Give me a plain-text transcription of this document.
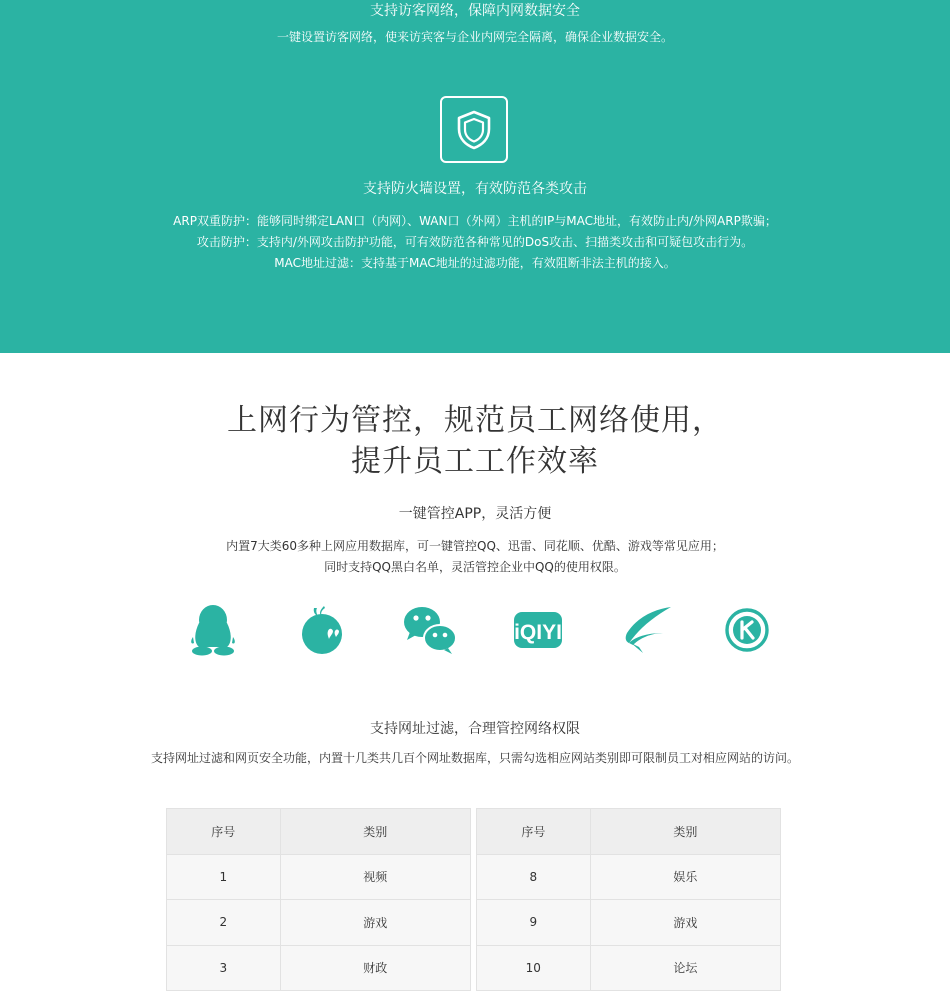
支持访客网络，保障内网数据安全
一键设置访客网络，使来访宾客与企业内网完全隔离，确保企业数据安全。
支持防火墙设置，有效防范各类攻击
ARP双重防护：能够同时绑定LAN口（内网）、WAN口（外网）主机的IP与MAC地址，有效防止内/外网ARP欺骗；
攻击防护：支持内/外网攻击防护功能，可有效防范各种常见的DoS攻击、扫描类攻击和可疑包攻击行为。
MAC地址过滤：支持基于MAC地址的过滤功能，有效阻断非法主机的接入。
上网行为管控，规范员工网络使用，
提升员工工作效率
一键管控APP，灵活方便
内置7大类60多种上网应用数据库，可一键管控QQ、迅雷、同花顺、优酷、游戏等常见应用；
同时支持QQ黑白名单，灵活管控企业中QQ的使用权限。
iQIYI
支持网址过滤，合理管控网络权限
支持网址过滤和网页安全功能，内置十几类共几百个网址数据库，只需勾选相应网站类别即可限制员工对相应网站的访问。
序号	类别
1	视频
2	游戏
3	财政
序号	类别
8	娱乐
9	游戏
10	论坛
